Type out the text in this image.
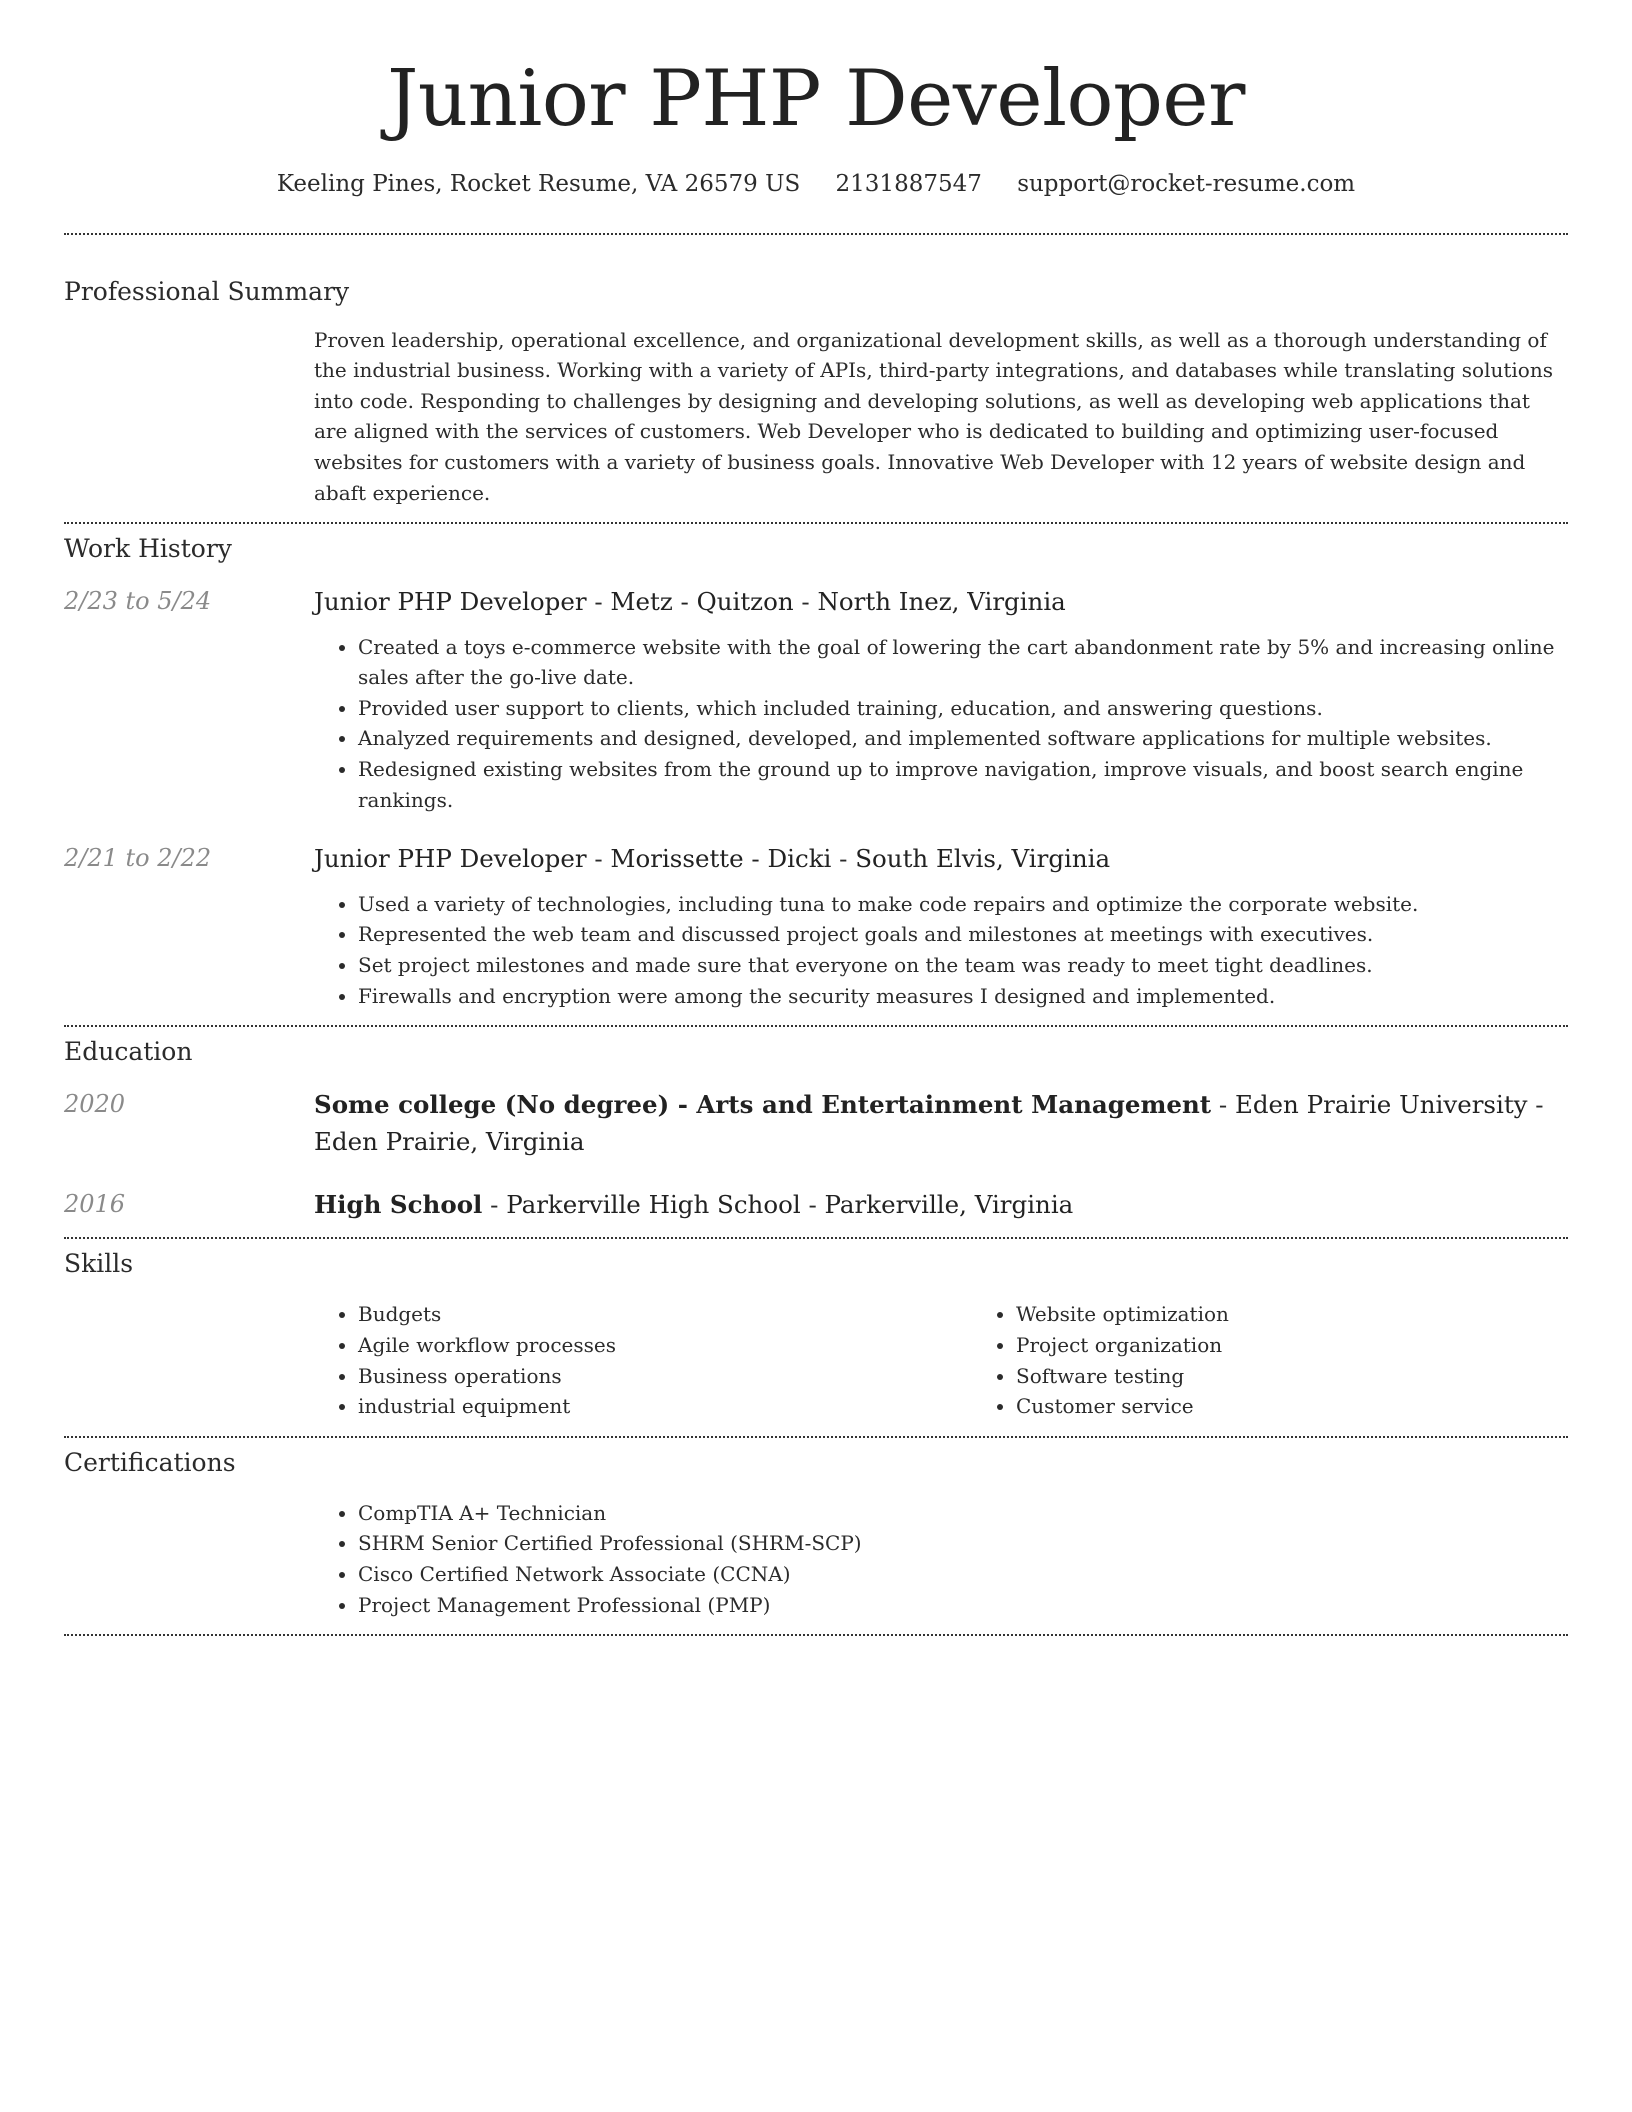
Junior PHP Developer
Keeling Pines, Rocket Resume, VA 26579 US 2131887547 support@rocket-resume.com
Professional Summary

Proven leadership, operational excellence, and organizational development skills, as well as a thorough understanding of the industrial business. Working with a variety of APIs, third-party integrations, and databases while translating solutions into code. Responding to challenges by designing and developing solutions, as well as developing web applications that are aligned with the services of customers. Web Developer who is dedicated to building and optimizing user-focused websites for customers with a variety of business goals. Innovative Web Developer with 12 years of website design and abaft experience.

Work History
2/23 to 5/24	Junior PHP Developer - Metz - Quitzon - North Inez, Virginia

• Created a toys e-commerce website with the goal of lowering the cart abandonment rate by 5% and increasing online sales after the go-live date.
• Provided user support to clients, which included training, education, and answering questions.
• Analyzed requirements and designed, developed, and implemented software applications for multiple websites.
• Redesigned existing websites from the ground up to improve navigation, improve visuals, and boost search engine rankings.
2/21 to 2/22	Junior PHP Developer - Morissette - Dicki - South Elvis, Virginia

• Used a variety of technologies, including tuna to make code repairs and optimize the corporate website.
• Represented the web team and discussed project goals and milestones at meetings with executives.
• Set project milestones and made sure that everyone on the team was ready to meet tight deadlines.
• Firewalls and encryption were among the security measures I designed and implemented.
Education
2020	Some college (No degree) - Arts and Entertainment Management - Eden Prairie University - Eden Prairie, Virginia

2016	High School - Parkerville High School - Parkerville, Virginia

Skills
• Budgets
• Agile workflow processes
• Business operations
• industrial equipment
• Website optimization
• Project organization
• Software testing
• Customer service
Certifications
• CompTIA A+ Technician
• SHRM Senior Certified Professional (SHRM-SCP)
• Cisco Certified Network Associate (CCNA)
• Project Management Professional (PMP)
